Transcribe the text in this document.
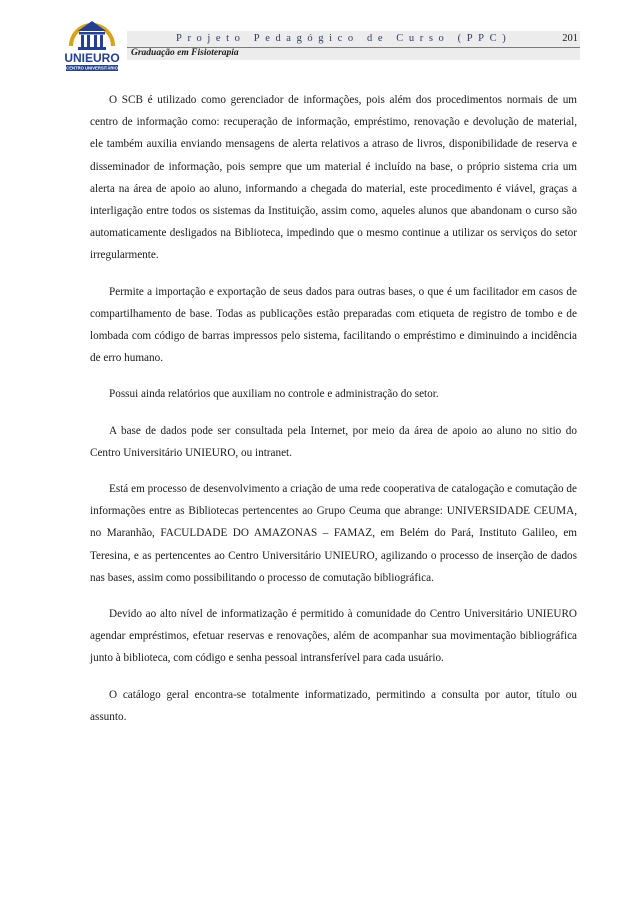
UNIEURO
CENTRO UNIVERSITÁRIO
Projeto Pedagógico de Curso (PPC)	201
Graduação em Fisioterapia

O SCB é utilizado como gerenciador de informações, pois além dos procedimentos normais de um centro de informação como: recuperação de informação, empréstimo, renovação e devolução de material, ele também auxilia enviando mensagens de alerta relativos a atraso de livros, disponibilidade de reserva e disseminador de informação, pois sempre que um material é incluído na base, o próprio sistema cria um alerta na área de apoio ao aluno, informando a chegada do material, este procedimento é viável, graças a interligação entre todos os sistemas da Instituição, assim como, aqueles alunos que abandonam o curso são automaticamente desligados na Biblioteca, impedindo que o mesmo continue a utilizar os serviços do setor irregularmente.

Permite a importação e exportação de seus dados para outras bases, o que é um facilitador em casos de compartilhamento de base. Todas as publicações estão preparadas com etiqueta de registro de tombo e de lombada com código de barras impressos pelo sistema, facilitando o empréstimo e diminuindo a incidência de erro humano.

Possui ainda relatórios que auxiliam no controle e administração do setor.

A base de dados pode ser consultada pela Internet, por meio da área de apoio ao aluno no sitio do Centro Universitário UNIEURO, ou intranet.

Está em processo de desenvolvimento a criação de uma rede cooperativa de catalogação e comutação de informações entre as Bibliotecas pertencentes ao Grupo Ceuma que abrange: UNIVERSIDADE CEUMA, no Maranhão, FACULDADE DO AMAZONAS – FAMAZ, em Belém do Pará, Instituto Galileo, em Teresina, e as pertencentes ao Centro Universitário UNIEURO, agilizando o processo de inserção de dados nas bases, assim como possibilitando o processo de comutação bibliográfica.

Devido ao alto nível de informatização é permitido à comunidade do Centro Universitário UNIEURO agendar empréstimos, efetuar reservas e renovações, além de acompanhar sua movimentação bibliográfica junto à biblioteca, com código e senha pessoal intransferível para cada usuário.

O catálogo geral encontra-se totalmente informatizado, permitindo a consulta por autor, título ou assunto.
